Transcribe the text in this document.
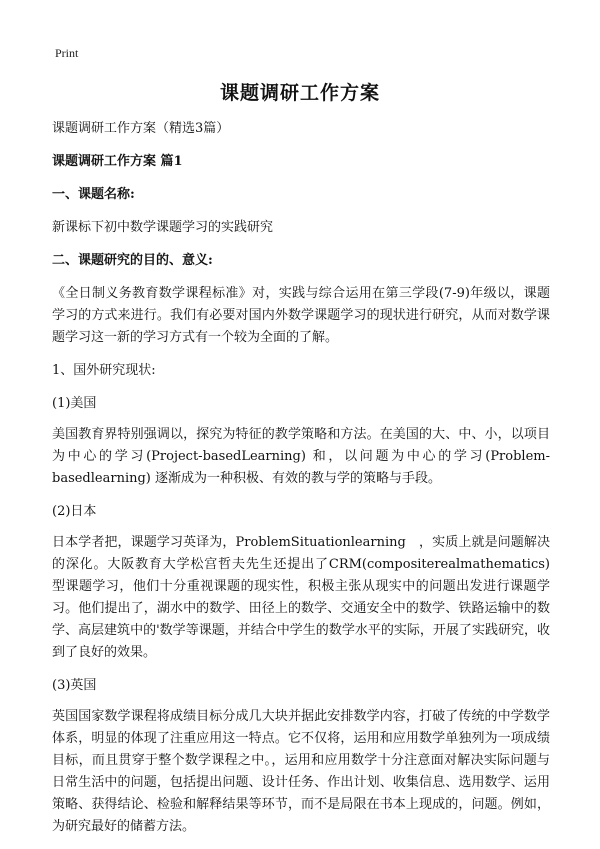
Print
课题调研工作方案

课题调研工作方案（精选3篇）

课题调研工作方案 篇1

一、课题名称:

新课标下初中数学课题学习的实践研究

二、课题研究的目的、意义:

《全日制义务教育数学课程标准》对，实践与综合运用在第三学段(7-9)年级以，课题学习的方式来进行。我们有必要对国内外数学课题学习的现状进行研究，从而对数学课题学习这一新的学习方式有一个较为全面的了解。

1、国外研究现状:

(1)美国

美国教育界特别强调以，探究为特征的教学策略和方法。在美国的大、中、小，以项目为中心的学习(Project-basedLearning) 和，以问题为中心的学习(Problem-basedlearning) 逐渐成为一种积极、有效的教与学的策略与手段。

(2)日本

日本学者把，课题学习英译为，ProblemSituationlearning　，实质上就是问题解决的深化。大阪教育大学松宫哲夫先生还提出了CRM(compositerealmathematics)　型课题学习，他们十分重视课题的现实性，积极主张从现实中的问题出发进行课题学习。他们提出了，湖水中的数学、田径上的数学、交通安全中的数学、铁路运输中的数学、高层建筑中的'数学等课题，并结合中学生的数学水平的实际，开展了实践研究，收到了良好的效果。

(3)英国

英国国家数学课程将成绩目标分成几大块并据此安排数学内容，打破了传统的中学数学体系，明显的体现了注重应用这一特点。它不仅将，运用和应用数学单独列为一项成绩目标，而且贯穿于整个数学课程之中。，运用和应用数学十分注意面对解决实际问题与日常生活中的问题，包括提出问题、设计任务、作出计划、收集信息、选用数学、运用策略、获得结论、检验和解释结果等环节，而不是局限在书本上现成的，问题。例如，为研究最好的储蓄方法。
